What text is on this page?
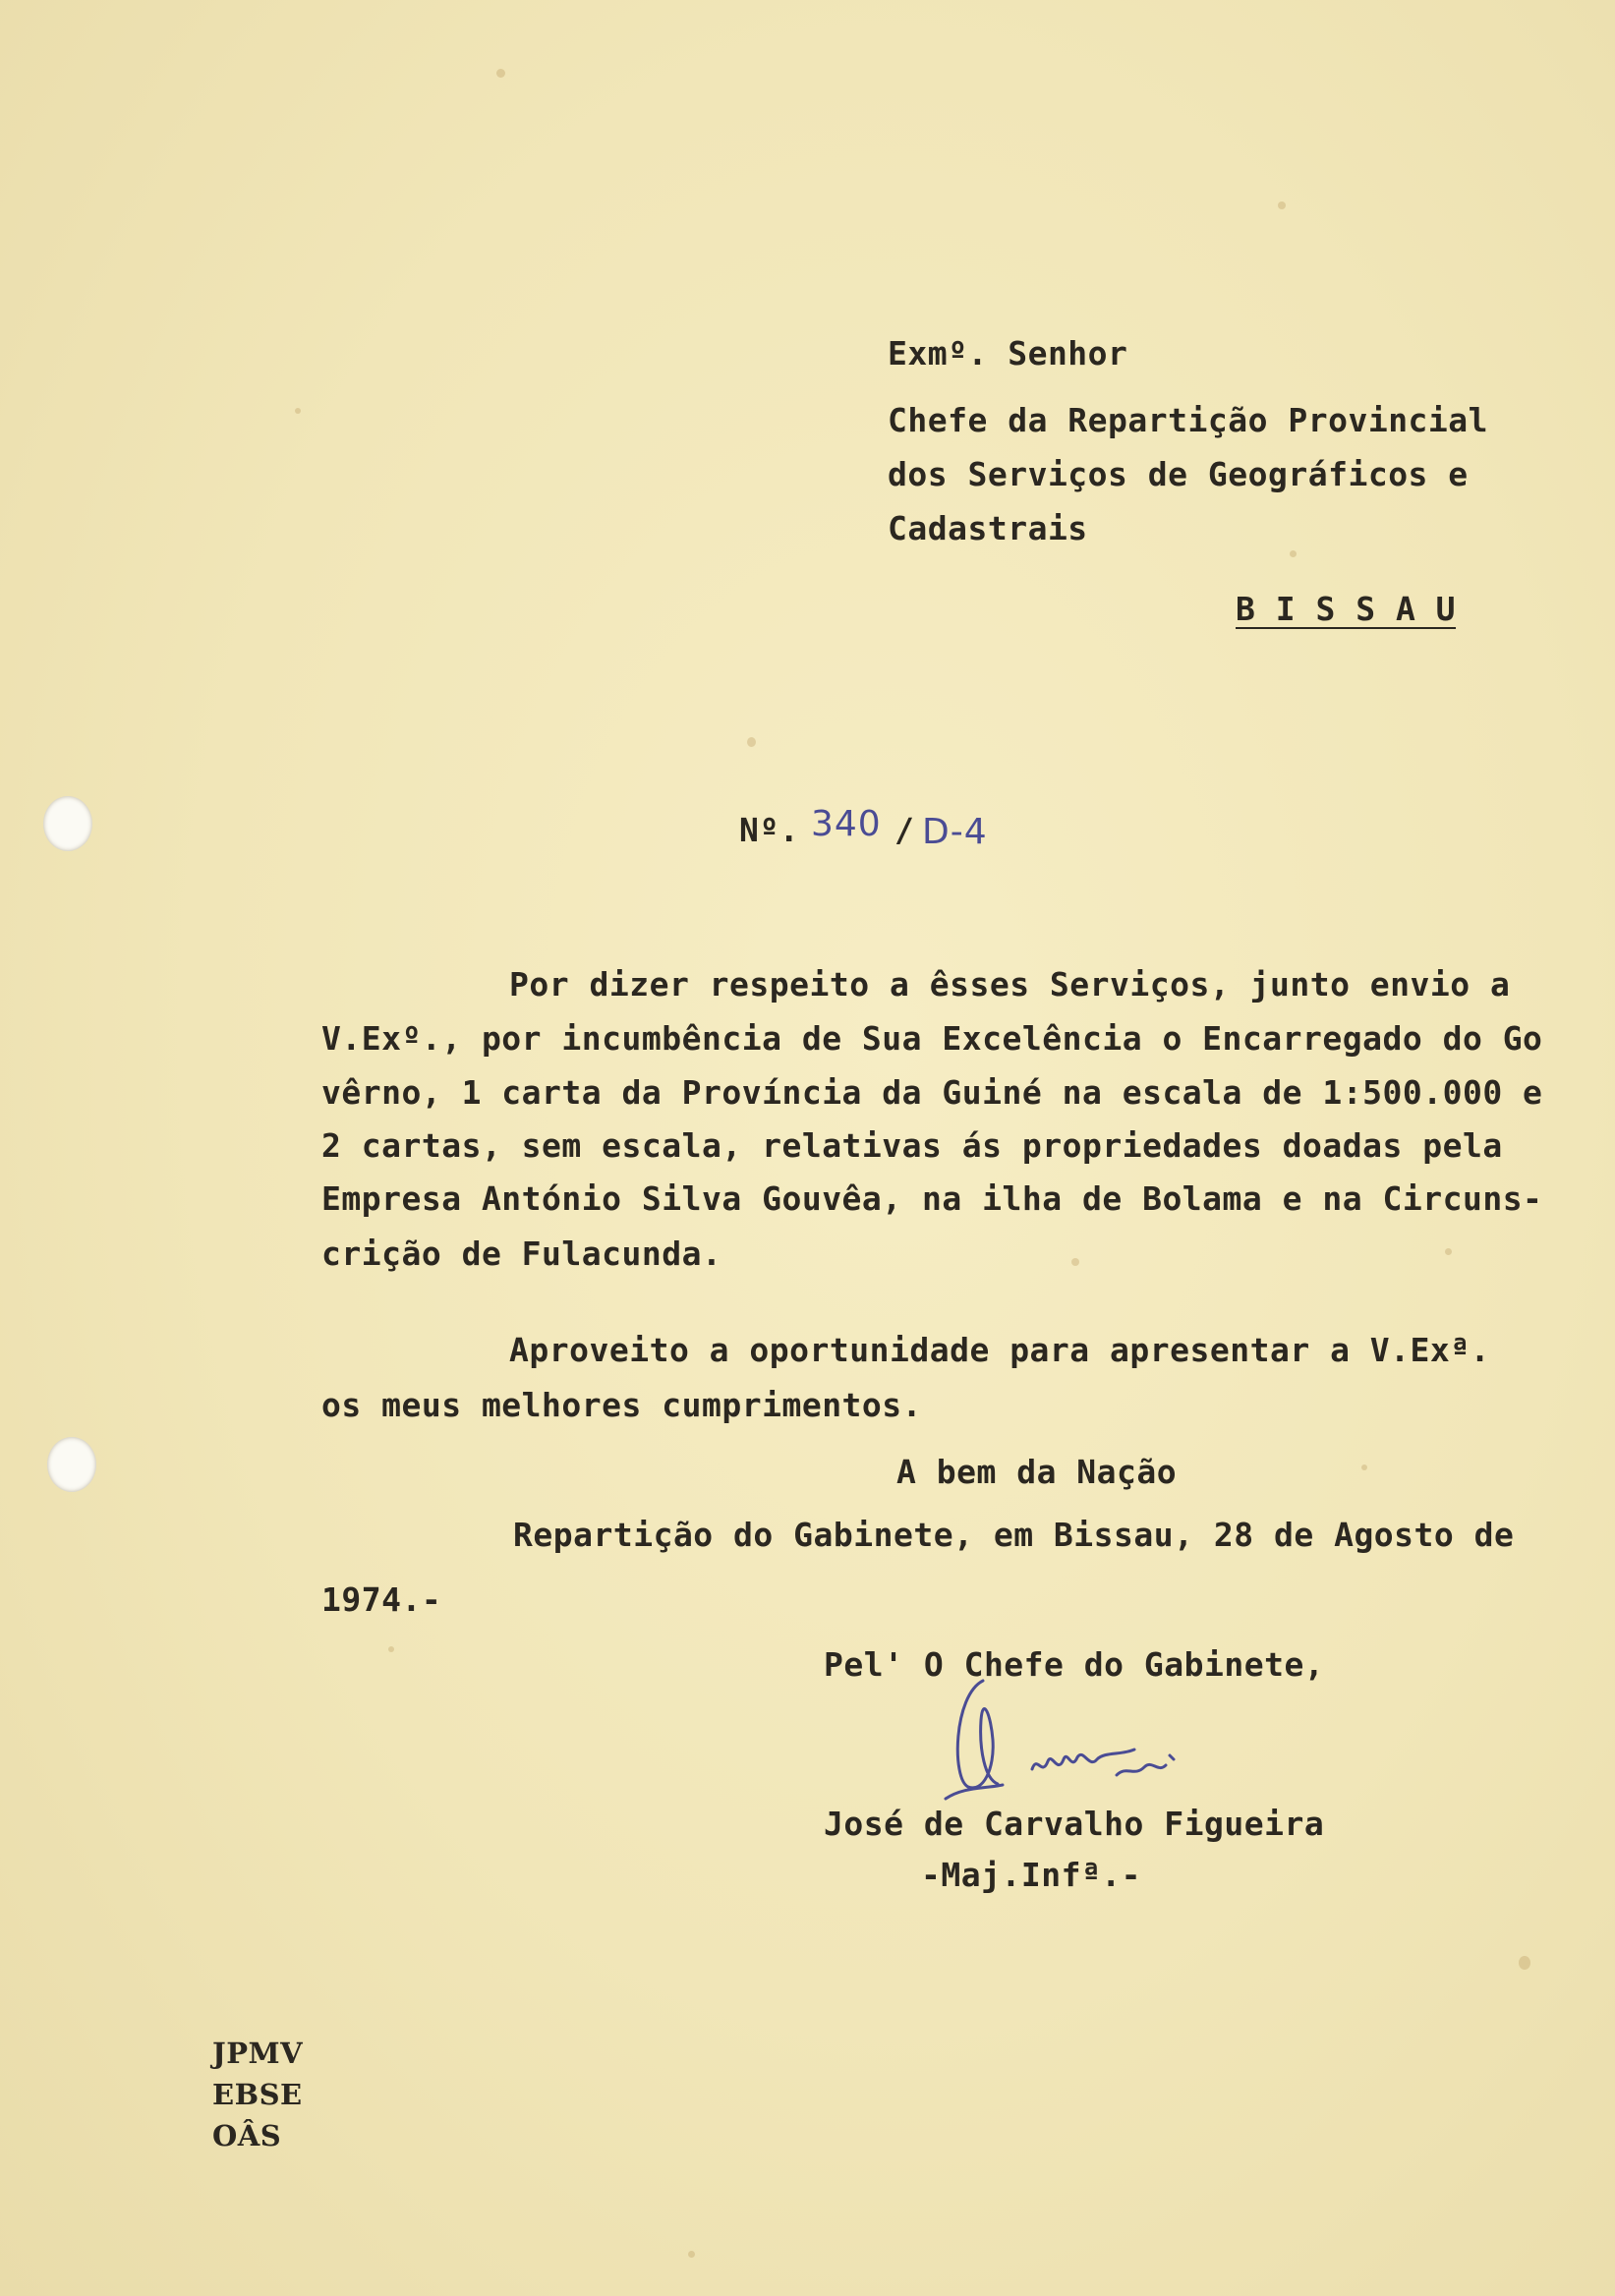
Exmº. Senhor
Chefe da Repartição Provincial
dos Serviços de Geográficos e
Cadastrais
B I S S A U
Nº. 340 / D-4
Por dizer respeito a êsses Serviços, junto envio a
V.Exº., por incumbência de Sua Excelência o Encarregado do Go
vêrno, 1 carta da Província da Guiné na escala de 1:500.000 e
2 cartas, sem escala, relativas ás propriedades doadas pela
Empresa António Silva Gouvêa, na ilha de Bolama e na Circuns-
crição de Fulacunda.
Aproveito a oportunidade para apresentar a V.Exª.
os meus melhores cumprimentos.
A bem da Nação
Repartição do Gabinete, em Bissau, 28 de Agosto de
1974.-
Pel' O Chefe do Gabinete,
José de Carvalho Figueira
-Maj.Infª.-
JPMV
EBSE
OÂS
